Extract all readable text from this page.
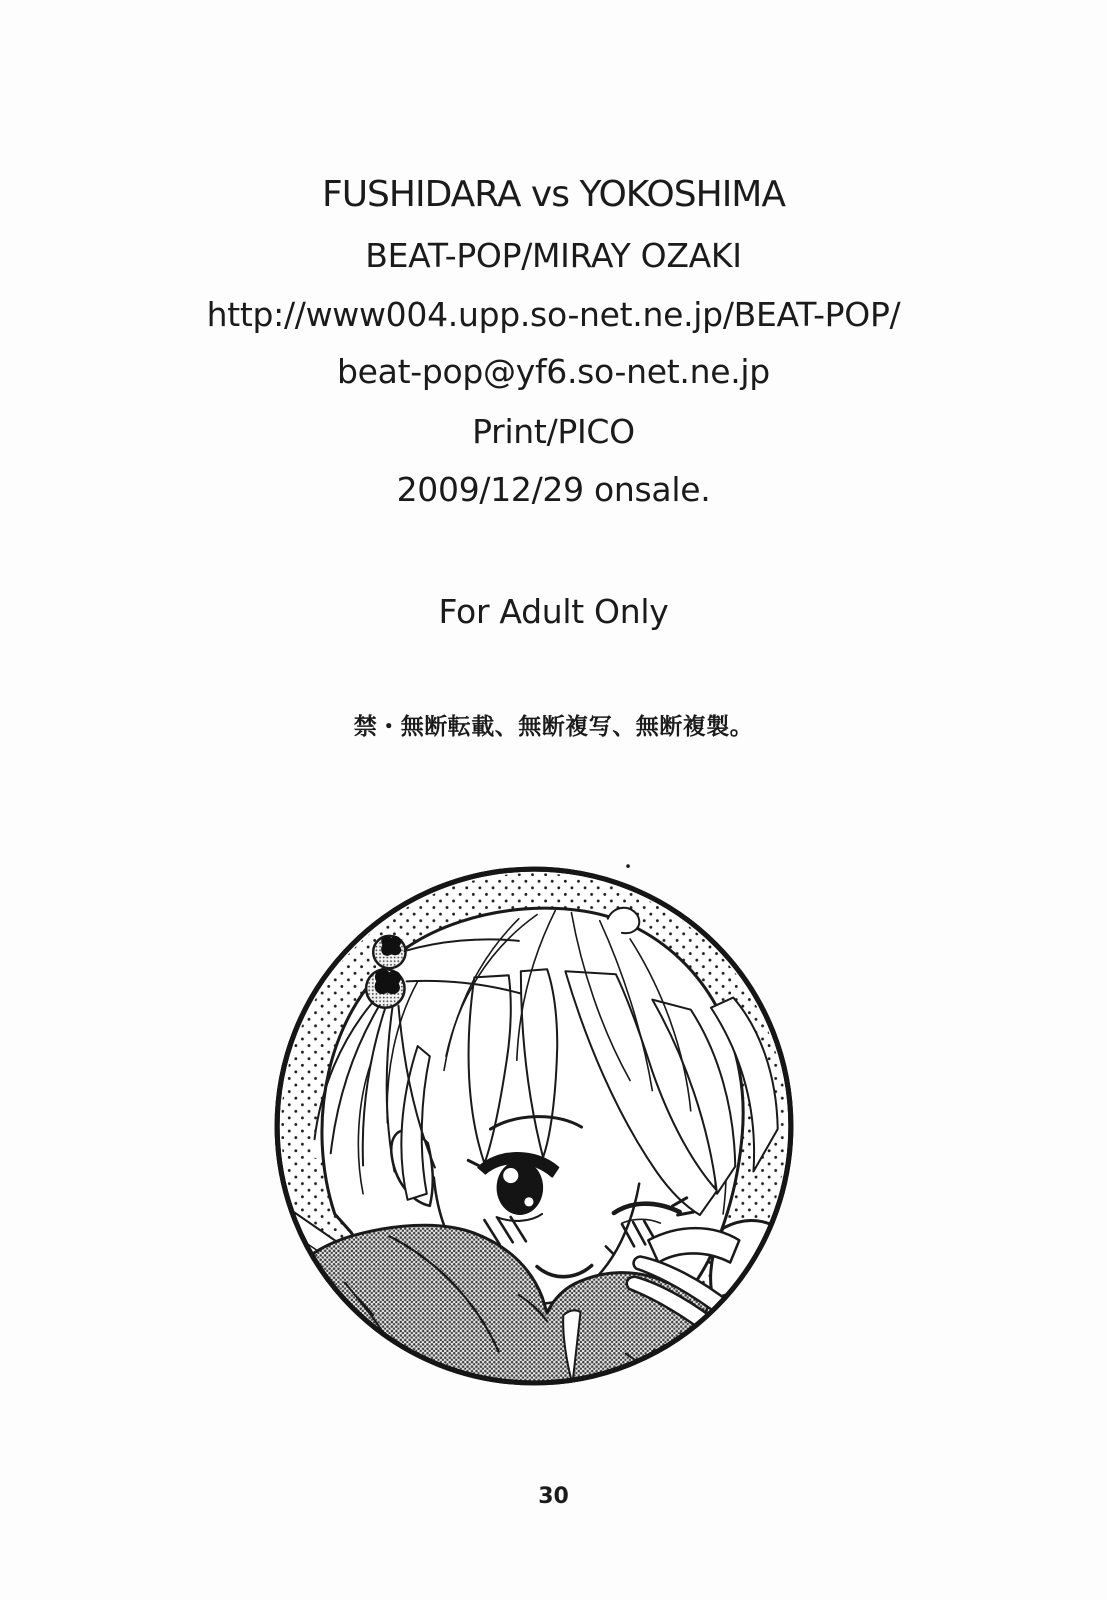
FUSHIDARA vs YOKOSHIMA
BEAT-POP/MIRAY OZAKI
http://www004.upp.so-net.ne.jp/BEAT-POP/
beat-pop@yf6.so-net.ne.jp
Print/PICO
2009/12/29 onsale.
For Adult Only
禁・無断転載、無断複写、無断複製。
30
